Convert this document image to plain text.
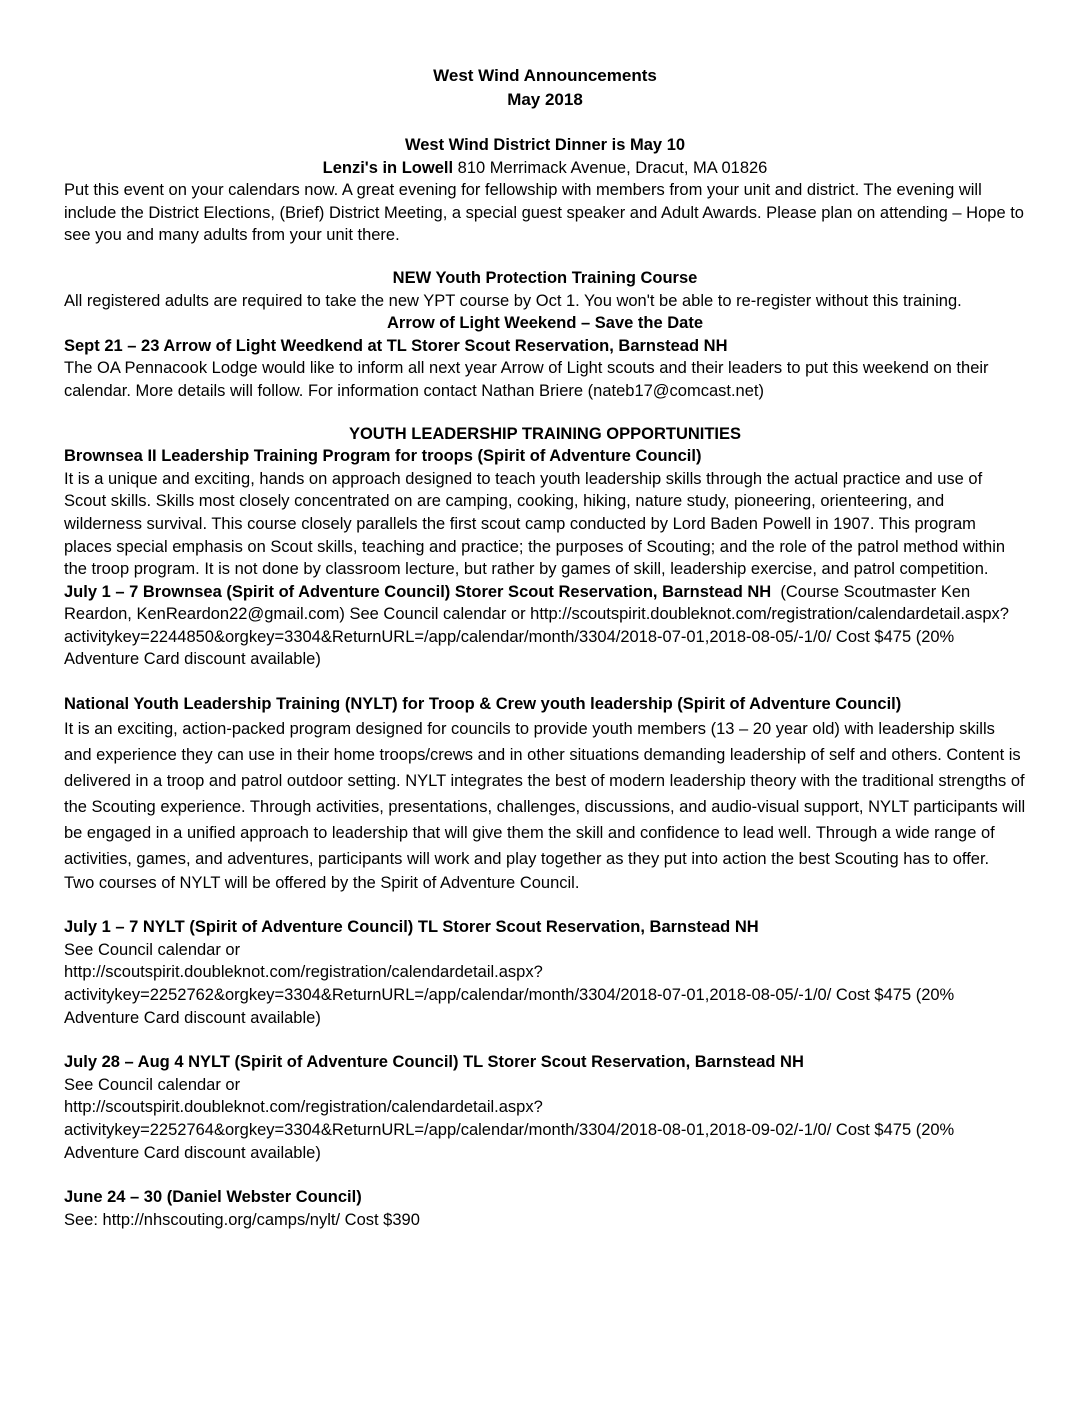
West Wind Announcements

May 2018

West Wind District Dinner is May 10

Lenzi's in Lowell 810 Merrimack Avenue, Dracut, MA 01826

Put this event on your calendars now. A great evening for fellowship with members from your unit and district. The evening will include the District Elections, (Brief) District Meeting, a special guest speaker and Adult Awards. Please plan on attending – Hope to see you and many adults from your unit there.

NEW Youth Protection Training Course

All registered adults are required to take the new YPT course by Oct 1. You won't be able to re-register without this training.

Arrow of Light Weekend – Save the Date

Sept 21 – 23 Arrow of Light Weedkend at TL Storer Scout Reservation, Barnstead NH

The OA Pennacook Lodge would like to inform all next year Arrow of Light scouts and their leaders to put this weekend on their calendar. More details will follow. For information contact Nathan Briere (nateb17@comcast.net)

YOUTH LEADERSHIP TRAINING OPPORTUNITIES

Brownsea II Leadership Training Program for troops (Spirit of Adventure Council)

It is a unique and exciting, hands on approach designed to teach youth leadership skills through the actual practice and use of Scout skills. Skills most closely concentrated on are camping, cooking, hiking, nature study, pioneering, orienteering, and wilderness survival. This course closely parallels the first scout camp conducted by Lord Baden Powell in 1907. This program places special emphasis on Scout skills, teaching and practice; the purposes of Scouting; and the role of the patrol method within the troop program. It is not done by classroom lecture, but rather by games of skill, leadership exercise, and patrol competition.  July 1 – 7 Brownsea (Spirit of Adventure Council) Storer Scout Reservation, Barnstead NH (Course Scoutmaster Ken Reardon, KenReardon22@gmail.com) See Council calendar or http://scoutspirit.doubleknot.com/registration/calendardetail.aspx?activitykey=2244850&orgkey=3304&ReturnURL=/app/calendar/month/3304/2018-07-01,2018-08-05/-1/0/ Cost $475 (20% Adventure Card discount available)

National Youth Leadership Training (NYLT) for Troop & Crew youth leadership (Spirit of Adventure Council)

It is an exciting, action-packed program designed for councils to provide youth members (13 – 20 year old) with leadership skills and experience they can use in their home troops/crews and in other situations demanding leadership of self and others. Content is delivered in a troop and patrol outdoor setting. NYLT integrates the best of modern leadership theory with the traditional strengths of the Scouting experience. Through activities, presentations, challenges, discussions, and audio-visual support, NYLT participants will be engaged in a unified approach to leadership that will give them the skill and confidence to lead well. Through a wide range of activities, games, and adventures, participants will work and play together as they put into action the best Scouting has to offer.

Two courses of NYLT will be offered by the Spirit of Adventure Council.

July 1 – 7 NYLT (Spirit of Adventure Council) TL Storer Scout Reservation, Barnstead NH

See Council calendar or

http://scoutspirit.doubleknot.com/registration/calendardetail.aspx?activitykey=2252762&orgkey=3304&ReturnURL=/app/calendar/month/3304/2018-07-01,2018-08-05/-1/0/ Cost $475 (20% Adventure Card discount available)

July 28 – Aug 4 NYLT (Spirit of Adventure Council) TL Storer Scout Reservation, Barnstead NH

See Council calendar or

http://scoutspirit.doubleknot.com/registration/calendardetail.aspx?activitykey=2252764&orgkey=3304&ReturnURL=/app/calendar/month/3304/2018-08-01,2018-09-02/-1/0/ Cost $475 (20% Adventure Card discount available)

June 24 – 30 (Daniel Webster Council)

See: http://nhscouting.org/camps/nylt/ Cost $390
